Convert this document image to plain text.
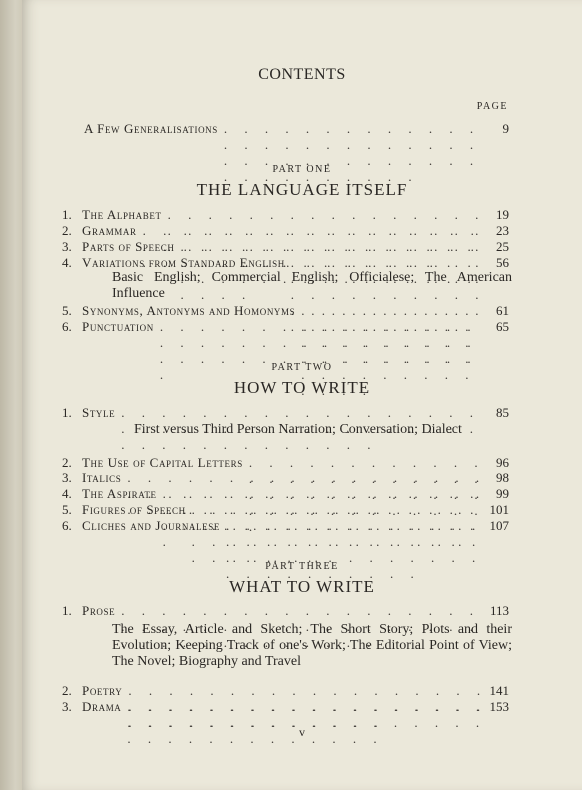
CONTENTS
PAGE
A Few Generalisations . . .	9
PART ONE
THE LANGUAGE ITSELF
1. The Alphabet . . .	19
2. Grammar . . .	23
3. Parts of Speech . . .	25
4. Variations from Standard English . . .	56
Basic English; Commercial English; Officialese; The American Influence
5. Synonyms, Antonyms and Homonyms . . .	61
6. Punctuation . . .	65
PART TWO
HOW TO WRITE
1. Style . . .	85
First versus Third Person Narration; Conversation; Dialect
2. The Use of Capital Letters . . .	96
3. Italics . . .	98
4. The Aspirate . . .	99
5. Figures of Speech . . .	101
6. Cliches and Journalese . . .	107
PART THREE
WHAT TO WRITE
1. Prose . . .	113
The Essay, Article and Sketch; The Short Story; Plots and their Evolution; Keeping Track of one's Work; The Editorial Point of View; The Novel; Biography and Travel
2. Poetry . . .	141
3. Drama . . .	153
v
